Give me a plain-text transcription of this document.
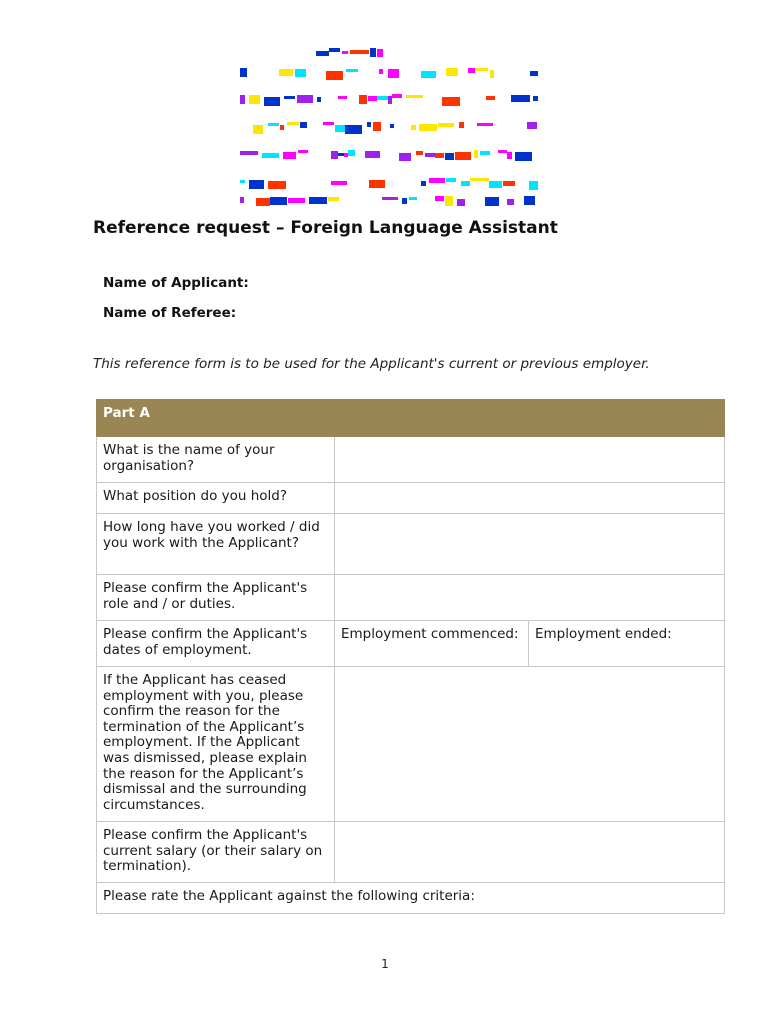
Reference request – Foreign Language Assistant
Name of Applicant:
Name of Referee:
This reference form is to be used for the Applicant's current or previous employer.
Part A		
What is the name of your organisation?		
What position do you hold?		
How long have you worked / did you work with the Applicant?		
Please confirm the Applicant's role and / or duties.		
Please confirm the Applicant's dates of employment.	Employment commenced:	Employment ended:
If the Applicant has ceased employment with you, please confirm the reason for the termination of the Applicant’s employment. If the Applicant was dismissed, please explain the reason for the Applicant’s dismissal and the surrounding circumstances.		
Please confirm the Applicant's current salary (or their salary on termination).		
Please rate the Applicant against the following criteria:		
1
